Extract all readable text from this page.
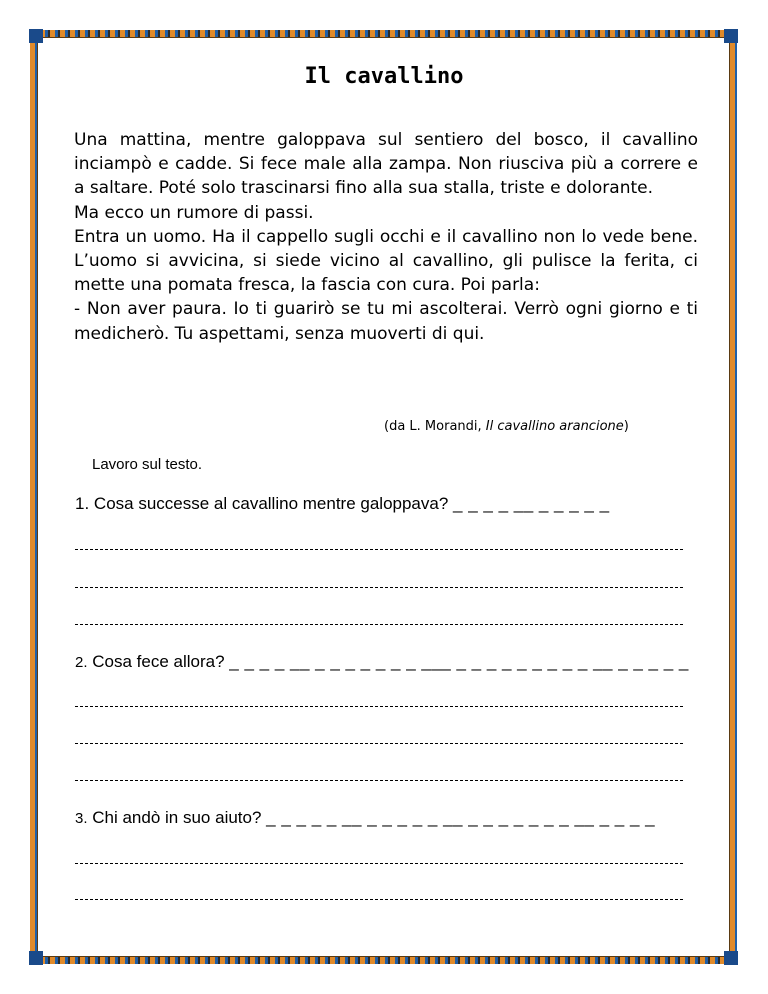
Il cavallino

Una mattina, mentre galoppava sul sentiero del bosco, il cavallino inciampò e cadde. Si fece male alla zampa. Non riusciva più a correre e a saltare. Poté solo trascinarsi fino alla sua stalla, triste e dolorante.

Ma ecco un rumore di passi.

Entra un uomo. Ha il cappello sugli occhi e il cavallino non lo vede bene. L’uomo si avvicina, si siede vicino al cavallino, gli pulisce la ferita, ci mette una pomata fresca, la fascia con cura. Poi parla:

- Non aver paura. Io ti guarirò se tu mi ascolterai. Verrò ogni giorno e ti medicherò. Tu aspettami, senza muoverti di qui.

(da L. Morandi, Il cavallino arancione)
Lavoro sul testo.
1. Cosa successe al cavallino mentre galoppava? _ _ _ _ __ _ _ _ _ _
2. Cosa fece allora? _ _ _ _ __ _ _ _ _ _ _ _ ___ _ _ _ _ _ _ _ _ _ __ _ _ _ _ _
3. Chi andò in suo aiuto? _ _ _ _ _ __ _ _ _ _ _ __ _ _ _ _ _ _ _ __ _ _ _ _
